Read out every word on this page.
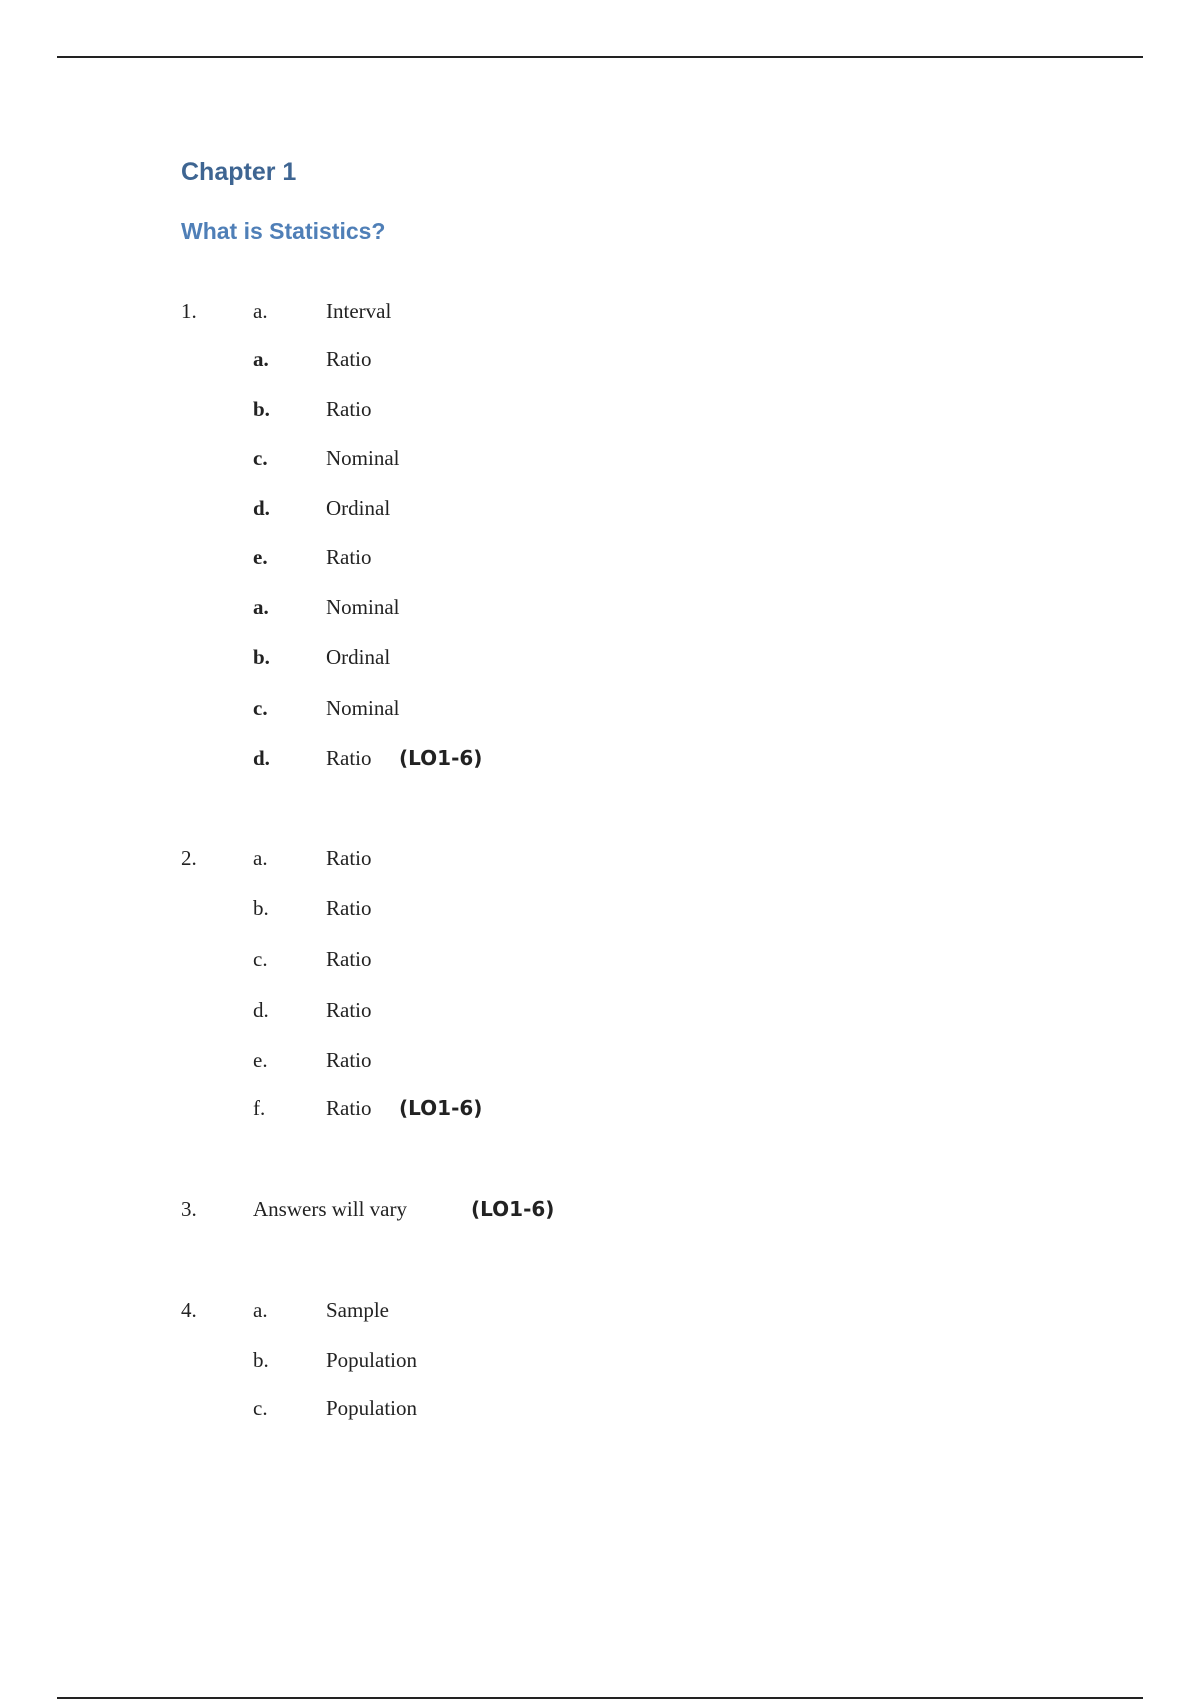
Chapter 1
What is Statistics?
1.	a.	Interval
a.	Ratio
b.	Ratio
c.	Nominal
d.	Ordinal
e.	Ratio
a.	Nominal
b.	Ordinal
c.	Nominal
d.	Ratio (LO1-6)
2.	a.	Ratio
b.	Ratio
c.	Ratio
d.	Ratio
e.	Ratio
f.	Ratio (LO1-6)
3.	Answers will vary	(LO1-6)
4.	a.	Sample
b.	Population
c.	Population
